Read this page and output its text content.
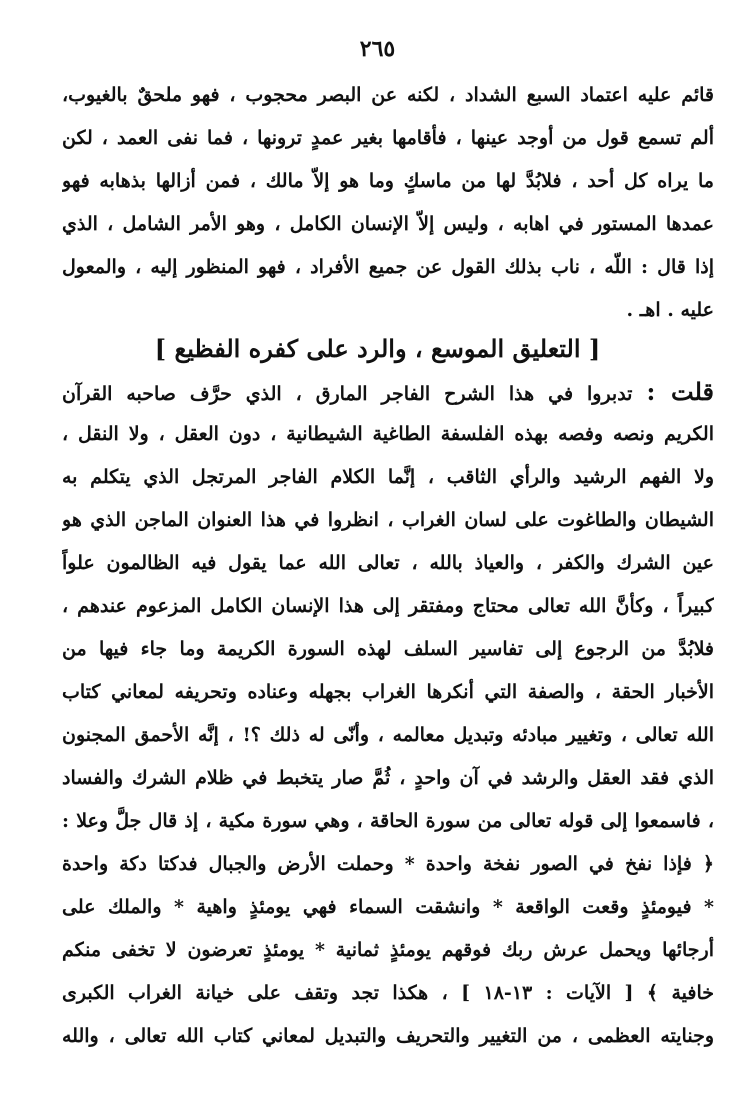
٢٦٥
قائم عليه اعتماد السبع الشداد ، لكنه عن البصر محجوب ، فهو ملحقٌ بالغيوب،
ألم تسمع قول من أوجد عينها ، فأقامها بغير عمدٍ ترونها ، فما نفى العمد ، لكن
ما يراه كل أحد ، فلابُدَّ لها من ماسكٍ وما هو إلاّ مالك ، فمن أزالها بذهابه فهو
عمدها المستور في اهابه ، وليس إلاّ الإنسان الكامل ، وهو الأمر الشامل ، الذي
إذا قال : اللّه ، ناب بذلك القول عن جميع الأفراد ، فهو المنظور إليه ، والمعول
عليه . اهـ .
[ التعليق الموسع ، والرد على كفره الفظيع ]
قلت : تدبروا في هذا الشرح الفاجر المارق ، الذي حرَّف صاحبه القرآن
الكريم ونصه وفصه بهذه الفلسفة الطاغية الشيطانية ، دون العقل ، ولا النقل ،
ولا الفهم الرشيد والرأي الثاقب ، إنَّما الكلام الفاجر المرتجل الذي يتكلم به
الشيطان والطاغوت على لسان الغراب ، انظروا في هذا العنوان الماجن الذي هو
عين الشرك والكفر ، والعياذ بالله ، تعالى الله عما يقول فيه الظالمون علواً
كبيراً ، وكأنَّ الله تعالى محتاج ومفتقر إلى هذا الإنسان الكامل المزعوم عندهم ،
فلابُدَّ من الرجوع إلى تفاسير السلف لهذه السورة الكريمة وما جاء فيها من
الأخبار الحقة ، والصفة التي أنكرها الغراب بجهله وعناده وتحريفه لمعاني كتاب
الله تعالى ، وتغيير مبادئه وتبديل معالمه ، وأنّى له ذلك ؟! ، إنَّه الأحمق المجنون
الذي فقد العقل والرشد في آن واحدٍ ، ثُمَّ صار يتخبط في ظلام الشرك والفساد
، فاسمعوا إلى قوله تعالى من سورة الحاقة ، وهي سورة مكية ، إذ قال جلَّ وعلا :
﴿ فإذا نفخ في الصور نفخة واحدة * وحملت الأرض والجبال فدكتا دكة واحدة
* فيومئذٍ وقعت الواقعة * وانشقت السماء فهي يومئذٍ واهية * والملك على
أرجائها ويحمل عرش ربك فوقهم يومئذٍ ثمانية * يومئذٍ تعرضون لا تخفى منكم
خافية ﴾ [ الآيات : ١٣-١٨ ] ، هكذا تجد وتقف على خيانة الغراب الكبرى
وجنايته العظمى ، من التغيير والتحريف والتبديل لمعاني كتاب الله تعالى ، والله
